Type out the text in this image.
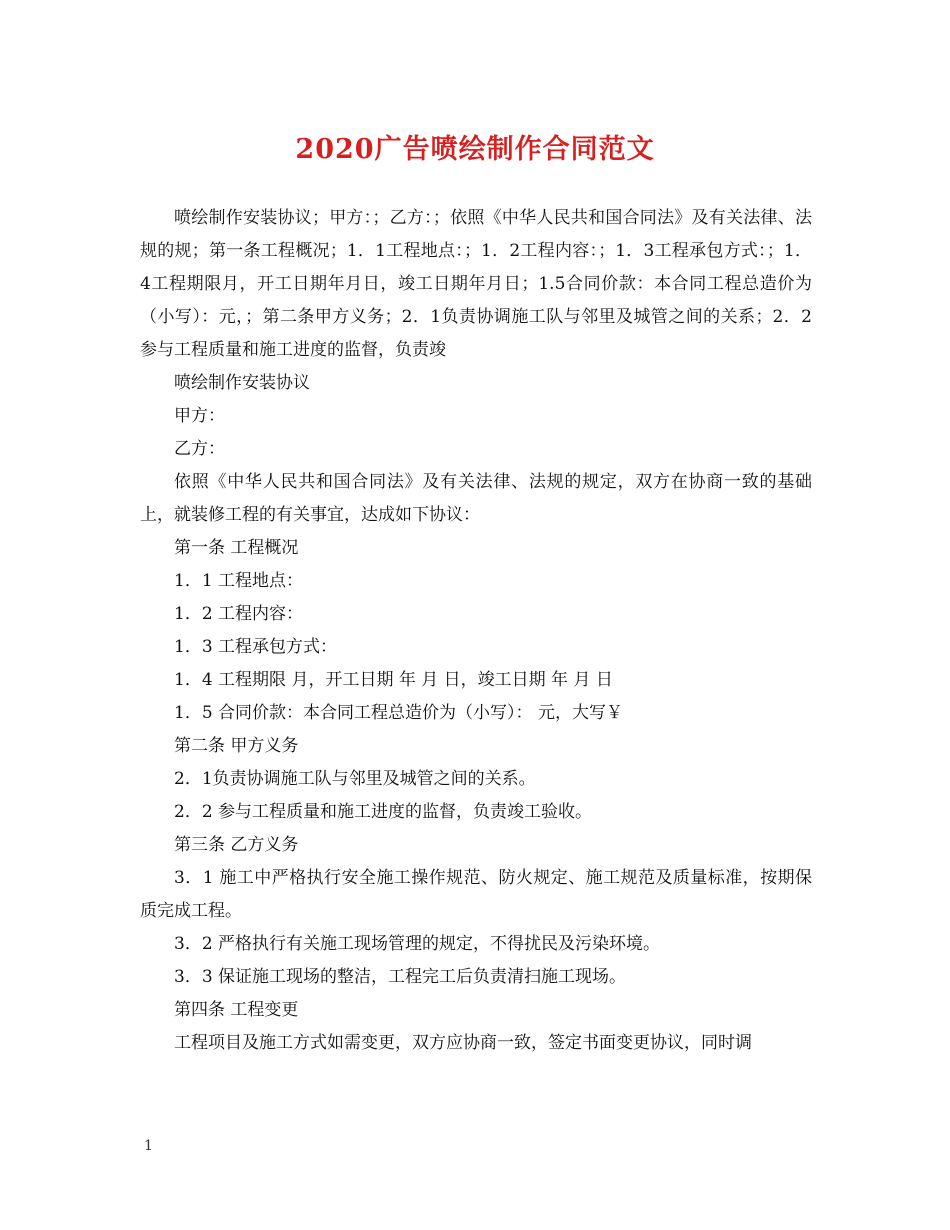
2020广告喷绘制作合同范文

喷绘制作安装协议；甲方：；乙方：；依照《中华人民共和国合同法》及有关法律、法规的规；第一条工程概况；1．1工程地点：；1．2工程内容：；1．3工程承包方式：；1．4工程期限月，开工日期年月日，竣工日期年月日；1.5合同价款：本合同工程总造价为（小写）：元，；第二条甲方义务；2．1负责协调施工队与邻里及城管之间的关系；2．2参与工程质量和施工进度的监督，负责竣

喷绘制作安装协议

甲方：

乙方：

依照《中华人民共和国合同法》及有关法律、法规的规定，双方在协商一致的基础上，就装修工程的有关事宜，达成如下协议：

第一条 工程概况

1．1 工程地点：

1．2 工程内容：

1．3 工程承包方式：

1．4 工程期限 月，开工日期 年 月 日，竣工日期 年 月 日

1．5 合同价款：本合同工程总造价为（小写）： 元，大写￥

第二条 甲方义务

2．1负责协调施工队与邻里及城管之间的关系。

2．2 参与工程质量和施工进度的监督，负责竣工验收。

第三条 乙方义务

3．1 施工中严格执行安全施工操作规范、防火规定、施工规范及质量标准，按期保质完成工程。

3．2 严格执行有关施工现场管理的规定，不得扰民及污染环境。

3．3 保证施工现场的整洁，工程完工后负责清扫施工现场。

第四条 工程变更

工程项目及施工方式如需变更，双方应协商一致，签定书面变更协议，同时调

1
